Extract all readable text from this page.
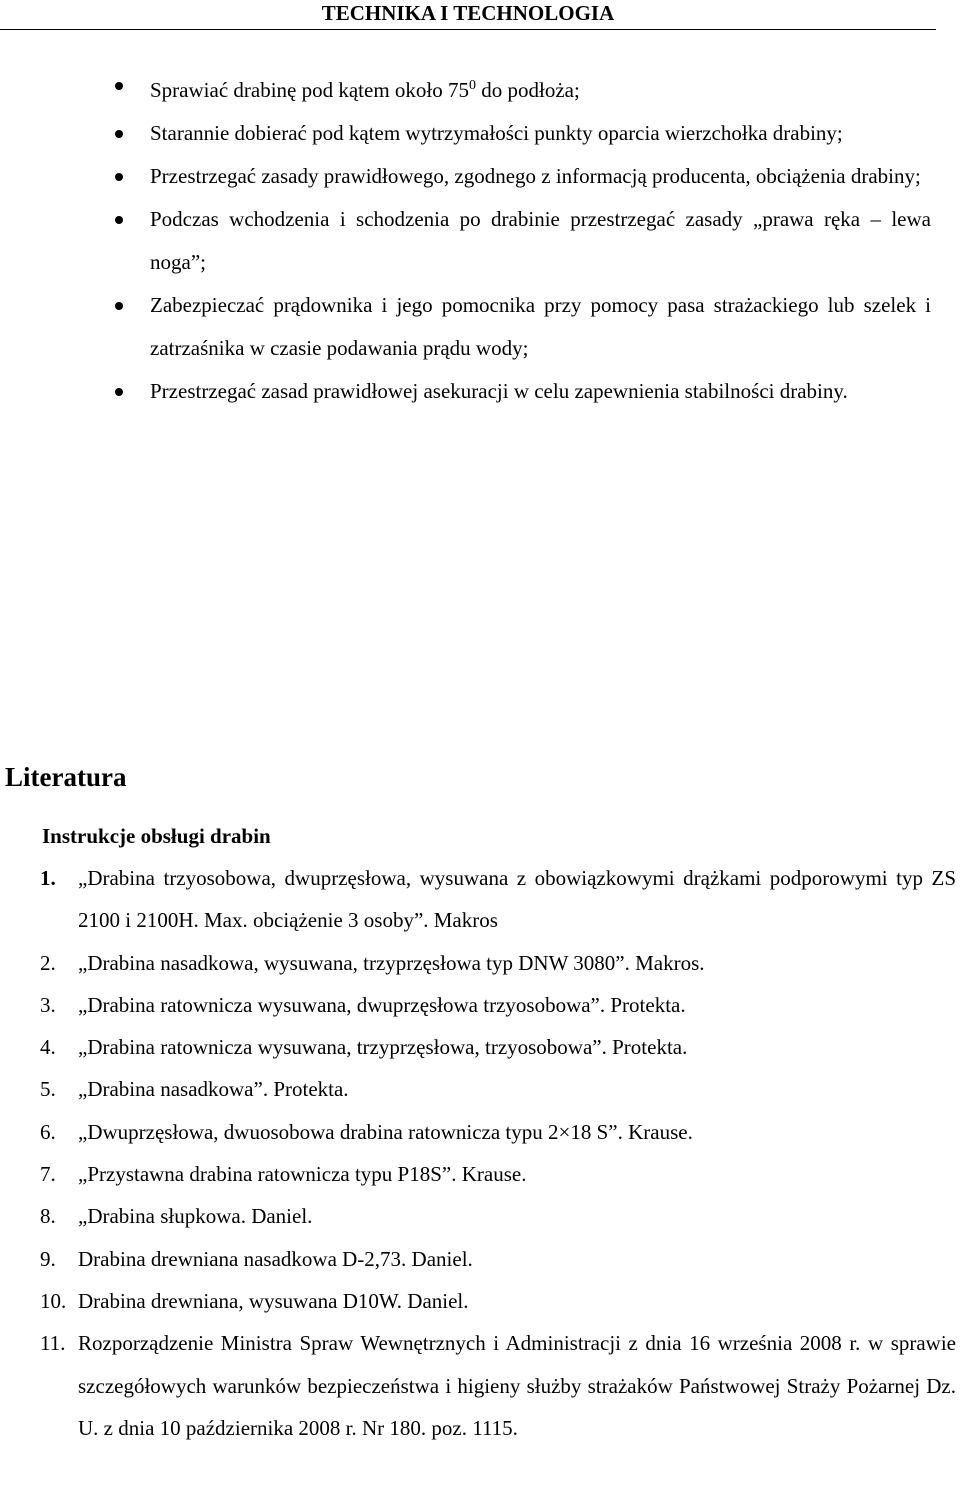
TECHNIKA I TECHNOLOGIA
Sprawiać drabinę pod kątem około $75^0$ do podłoża;
Starannie dobierać pod kątem wytrzymałości punkty oparcia wierzchołka drabiny;
Przestrzegać zasady prawidłowego, zgodnego z informacją producenta, obciążenia drabiny;
Podczas wchodzenia i schodzenia po drabinie przestrzegać zasady „prawa ręka – lewa noga”;
Zabezpieczać prądownika i jego pomocnika przy pomocy pasa strażackiego lub szelek i zatrzaśnika w czasie podawania prądu wody;
Przestrzegać zasad prawidłowej asekuracji w celu zapewnienia stabilności drabiny.
Literatura
Instrukcje obsługi drabin
1. „Drabina trzyosobowa, dwuprzęsłowa, wysuwana z obowiązkowymi drążkami podporowymi typ ZS 2100 i 2100H. Max. obciążenie 3 osoby”. Makros
2. „Drabina nasadkowa, wysuwana, trzyprzęsłowa typ DNW 3080”. Makros.
3. „Drabina ratownicza wysuwana, dwuprzęsłowa trzyosobowa”. Protekta.
4. „Drabina ratownicza wysuwana, trzyprzęsłowa, trzyosobowa”. Protekta.
5. „Drabina nasadkowa”. Protekta.
6. „Dwuprzęsłowa, dwuosobowa drabina ratownicza typu 2×18 S”. Krause.
7. „Przystawna drabina ratownicza typu P18S”. Krause.
8. „Drabina słupkowa. Daniel.
9. Drabina drewniana nasadkowa D-2,73. Daniel.
10. Drabina drewniana, wysuwana D10W. Daniel.
11. Rozporządzenie Ministra Spraw Wewnętrznych i Administracji z dnia 16 września 2008 r. w sprawie szczegółowych warunków bezpieczeństwa i higieny służby strażaków Państwowej Straży Pożarnej Dz. U. z dnia 10 października 2008 r. Nr 180. poz. 1115.
